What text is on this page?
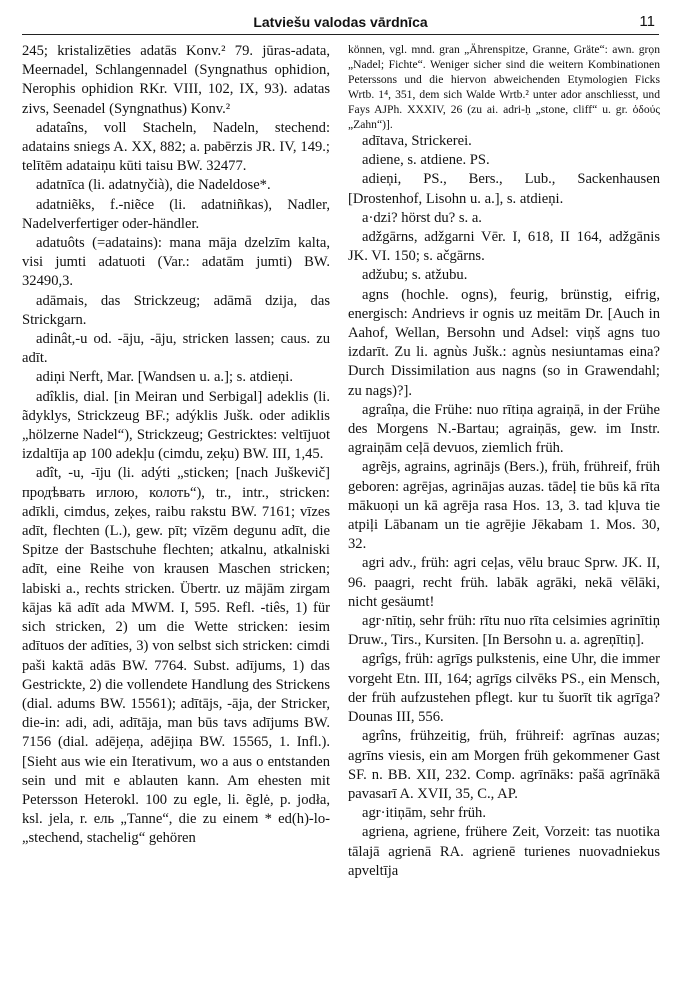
Latviešu valodas vārdnīca	11

245; kristalizēties adatās Konv.² 79. jūras-adata, Meernadel, Schlangennadel (Syngnathus ophidion, Nerophis ophidion RKr. VIII, 102, IX, 93). adatas zivs, Seenadel (Syngnathus) Konv.²

adataîns, voll Stacheln, Nadeln, stechend: adatains sniegs A. XX, 882; a. pabērzis JR. IV, 149.; telītēm adataiņu kūti taisu BW. 32477.

adatnīca (li. adatnyčià), die Nadeldose*.

adatniẽks, f.-niẽce (li. adatniñkas), Nadler, Nadelverfertiger oder-händler.

adatuôts (=adatains): mana māja dzelzīm kalta, visi jumti adatuoti (Var.: adatām jumti) BW. 32490,3.

adāmais, das Strickzeug; adāmā dzija, das Strickgarn.

adinât,-u od. -āju, -āju, stricken lassen; caus. zu adīt.

adiņi Nerft, Mar. [Wandsen u. a.]; s. atdieņi.

adîklis, dial. [in Meiran und Serbigal] adeklis (li. ãdyklys, Strickzeug BF.; adýklis Jušk. oder adiklis „hölzerne Nadel“), Strickzeug; Gestricktes: veltījuot izdaltīja ap 100 adekļu (cimdu, zeķu) BW. III, 1,45.

adît, -u, -īju (li. adýti „sticken; [nach Juškevič] продѣвать иглою, колоть“), tr., intr., stricken: adīkli, cimdus, zeķes, raibu rakstu BW. 7161; vīzes adīt, flechten (L.), gew. pīt; vīzēm degunu adīt, die Spitze der Bastschuhe flechten; atkalnu, atkalniski adīt, eine Reihe von krausen Maschen stricken; labiski a., rechts stricken. Übertr. uz mājām zirgam kājas kā adīt ada MWM. I, 595. Refl. -tiês, 1) für sich stricken, 2) um die Wette stricken: iesim adītuos der adīties, 3) von selbst sich stricken: cimdi paši kaktā adās BW. 7764. Subst. adījums, 1) das Gestrickte, 2) die vollendete Handlung des Strickens (dial. adums BW. 15561); adītājs, -āja, der Stricker, die-in: adi, adi, adītāja, man būs tavs adījums BW. 7156 (dial. adējeņa, adējiņa BW. 15565, 1. Infl.). [Sieht aus wie ein Iterativum, wo a aus o entstanden sein und mit e ablauten kann. Am ehesten mit Petersson Heterokl. 100 zu egle, li. ẽglė, p. jodła, ksl. jela, r. ель „Tanne“, die zu einem * ed(h)-lo- „stechend, stachelig“ gehören

können, vgl. mnd. gran „Ährenspitze, Granne, Gräte“: awn. grọn „Nadel; Fichte“. Weniger sicher sind die weitern Kombinationen Peterssons und die hiervon abweichenden Etymologien Ficks Wrtb. 1⁴, 351, dem sich Walde Wrtb.² unter ador anschliesst, und Fays AJPh. XXXIV, 26 (zu ai. adri-ḥ „stone, cliff“ u. gr. ὀδούς „Zahn“)].

adītava, Strickerei.

adiene, s. atdiene. PS.

adieņi, PS., Bers., Lub., Sackenhausen [Drostenhof, Lisohn u. a.], s. atdieņi.

a·dzi? hörst du? s. a.

adžgārns, adžgarni Vēr. I, 618, II 164, adžgānis JK. VI. 150; s. ačgārns.

adžubu; s. atžubu.

agns (hochle. ogns), feurig, brünstig, eifrig, energisch: Andrievs ir ognis uz meitām Dr. [Auch in Aahof, Wellan, Bersohn und Adsel: viņš agns tuo izdarīt. Zu li. agnùs Jušk.: agnùs nesiuntamas eina? Durch Dissimilation aus nagns (so in Grawendahl; zu nags)?].

agraîņa, die Frühe: nuo rītiņa agraiņā, in der Frühe des Morgens N.-Bartau; agraiņās, gew. im Instr. agraiņām ceļā devuos, ziemlich früh.

agrẽjs, agrains, agrinājs (Bers.), früh, frühreif, früh geboren: agrējas, agrinājas auzas. tādeļ tie būs kā rīta mākuoņi un kā agrēja rasa Hos. 13, 3. tad kļuva tie atpiļi Lābanam un tie agrējie Jēkabam 1. Mos. 30, 32.

agri adv., früh: agri ceļas, vēlu brauc Sprw. JK. II, 96. paagri, recht früh. labāk agrāki, nekā vēlāki, nicht gesäumt!

agr·nītiņ, sehr früh: rītu nuo rīta celsimies agrinītiņ Druw., Tirs., Kursiten. [In Bersohn u. a. agreņītiņ].

agrîgs, früh: agrīgs pulkstenis, eine Uhr, die immer vorgeht Etn. III, 164; agrīgs cilvēks PS., ein Mensch, der früh aufzustehen pflegt. kur tu šuorīt tik agrīga? Dounas III, 556.

agrîns, frühzeitig, früh, frühreif: agrīnas auzas; agrīns viesis, ein am Morgen früh gekommener Gast SF. n. BB. XII, 232. Comp. agrīnāks: pašā agrīnākā pavasarī A. XVII, 35, C., AP.

agr·itiņām, sehr früh.

agriena, agriene, frühere Zeit, Vorzeit: tas nuotika tālajā agrienā RA. agrienē turienes nuovadniekus apveltīja
